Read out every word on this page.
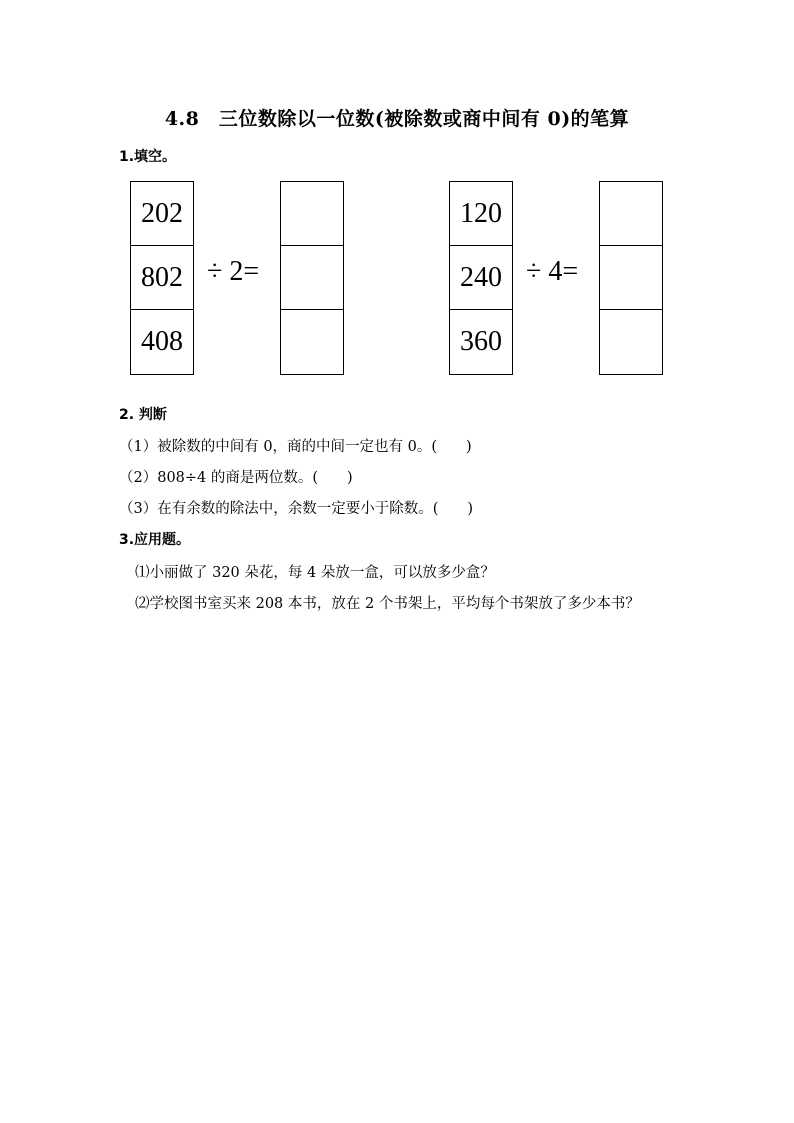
4.8　三位数除以一位数(被除数或商中间有 0)的笔算
1.填空。
202
802
408
÷ 2=
120
240
360
÷ 4=
2. 判断
（1）被除数的中间有 0，商的中间一定也有 0。(　　)
（2）808÷4 的商是两位数。(　　)
（3）在有余数的除法中，余数一定要小于除数。(　　)
3.应用题。
⑴小丽做了 320 朵花，每 4 朵放一盒，可以放多少盒？
⑵学校图书室买来 208 本书，放在 2 个书架上，平均每个书架放了多少本书？
